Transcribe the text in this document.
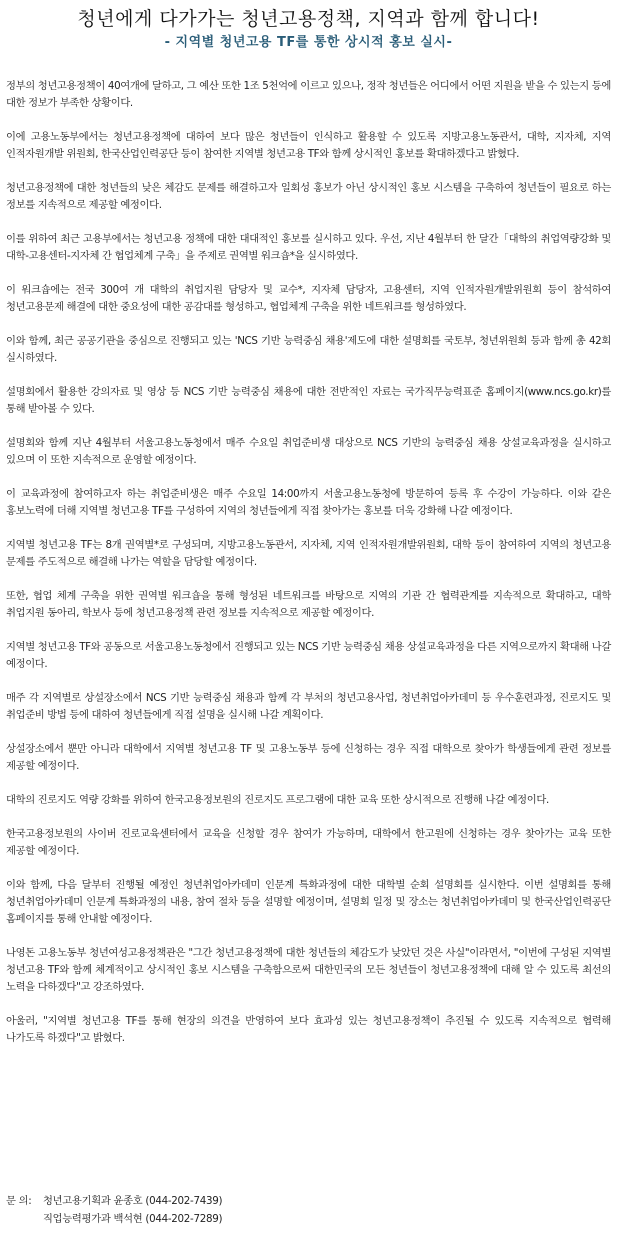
청년에게 다가가는 청년고용정책, 지역과 함께 합니다!
- 지역별 청년고용 TF를 통한 상시적 홍보 실시-

정부의 청년고용정책이 40여개에 달하고, 그 예산 또한 1조 5천억에 이르고 있으나, 정작 청년들은 어디에서 어떤 지원을 받을 수 있는지 등에 대한 정보가 부족한 상황이다.

이에 고용노동부에서는 청년고용정책에 대하여 보다 많은 청년들이 인식하고 활용할 수 있도록 지방고용노동관서, 대학, 지자체, 지역 인적자원개발 위원회, 한국산업인력공단 등이 참여한 지역별 청년고용 TF와 함께 상시적인 홍보를 확대하겠다고 밝혔다.

청년고용정책에 대한 청년들의 낮은 체감도 문제를 해결하고자 일회성 홍보가 아닌 상시적인 홍보 시스템을 구축하여 청년들이 필요로 하는 정보를 지속적으로 제공할 예정이다.

이를 위하여 최근 고용부에서는 청년고용 정책에 대한 대대적인 홍보를 실시하고 있다. 우선, 지난 4월부터 한 달간「대학의 취업역량강화 및 대학-고용센터-지자체 간 협업체계 구축」을 주제로 권역별 워크숍*을 실시하였다.

이 워크숍에는 전국 300여 개 대학의 취업지원 담당자 및 교수*, 지자체 담당자, 고용센터, 지역 인적자원개발위원회 등이 참석하여 청년고용문제 해결에 대한 중요성에 대한 공감대를 형성하고, 협업체계 구축을 위한 네트워크를 형성하였다.

이와 함께, 최근 공공기관을 중심으로 진행되고 있는 'NCS 기반 능력중심 채용'제도에 대한 설명회를 국토부, 청년위원회 등과 함께 총 42회 실시하였다.

설명회에서 활용한 강의자료 및 영상 등 NCS 기반 능력중심 채용에 대한 전반적인 자료는 국가직무능력표준 홈페이지(www.ncs.go.kr)를 통해 받아볼 수 있다.

설명회와 함께 지난 4월부터 서울고용노동청에서 매주 수요일 취업준비생 대상으로 NCS 기반의 능력중심 채용 상설교육과정을 실시하고 있으며 이 또한 지속적으로 운영할 예정이다.

이 교육과정에 참여하고자 하는 취업준비생은 매주 수요일 14:00까지 서울고용노동청에 방문하여 등록 후 수강이 가능하다. 이와 같은 홍보노력에 더해 지역별 청년고용 TF를 구성하여 지역의 청년들에게 직접 찾아가는 홍보를 더욱 강화해 나갈 예정이다.

지역별 청년고용 TF는 8개 권역별*로 구성되며, 지방고용노동관서, 지자체, 지역 인적자원개발위원회, 대학 등이 참여하여 지역의 청년고용 문제를 주도적으로 해결해 나가는 역할을 담당할 예정이다.

또한, 협업 체계 구축을 위한 권역별 워크숍을 통해 형성된 네트워크를 바탕으로 지역의 기관 간 협력관계를 지속적으로 확대하고, 대학 취업지원 동아리, 학보사 등에 청년고용정책 관련 정보를 지속적으로 제공할 예정이다.

지역별 청년고용 TF와 공동으로 서울고용노동청에서 진행되고 있는 NCS 기반 능력중심 채용 상설교육과정을 다른 지역으로까지 확대해 나갈 예정이다.

매주 각 지역별로 상설장소에서 NCS 기반 능력중심 채용과 함께 각 부처의 청년고용사업, 청년취업아카데미 등 우수훈련과정, 진로지도 및 취업준비 방법 등에 대하여 청년들에게 직접 설명을 실시해 나갈 계획이다.

상설장소에서 뿐만 아니라 대학에서 지역별 청년고용 TF 및 고용노동부 등에 신청하는 경우 직접 대학으로 찾아가 학생들에게 관련 정보를 제공할 예정이다.

대학의 진로지도 역량 강화를 위하여 한국고용정보원의 진로지도 프로그램에 대한 교육 또한 상시적으로 진행해 나갈 예정이다.

한국고용정보원의 사이버 진로교육센터에서 교육을 신청할 경우 참여가 가능하며, 대학에서 한고원에 신청하는 경우 찾아가는 교육 또한 제공할 예정이다.

이와 함께, 다음 달부터 진행될 예정인 청년취업아카데미 인문계 특화과정에 대한 대학별 순회 설명회를 실시한다. 이번 설명회를 통해 청년취업아카데미 인문계 특화과정의 내용, 참여 절차 등을 설명할 예정이며, 설명회 일정 및 장소는 청년취업아카데미 및 한국산업인력공단 홈페이지를 통해 안내할 예정이다.

나영돈 고용노동부 청년여성고용정책관은 "그간 청년고용정책에 대한 청년들의 체감도가 낮았던 것은 사실"이라면서, "이번에 구성된 지역별 청년고용 TF와 함께 체계적이고 상시적인 홍보 시스템을 구축함으로써 대한민국의 모든 청년들이 청년고용정책에 대해 알 수 있도록 최선의 노력을 다하겠다"고 강조하였다.

아울러, "지역별 청년고용 TF를 통해 현장의 의견을 반영하여 보다 효과성 있는 청년고용정책이 추진될 수 있도록 지속적으로 협력해 나가도록 하겠다"고 밝혔다.

문 의: 청년고용기획과 윤종호 (044-202-7439)
직업능력평가과 백석현 (044-202-7289)
